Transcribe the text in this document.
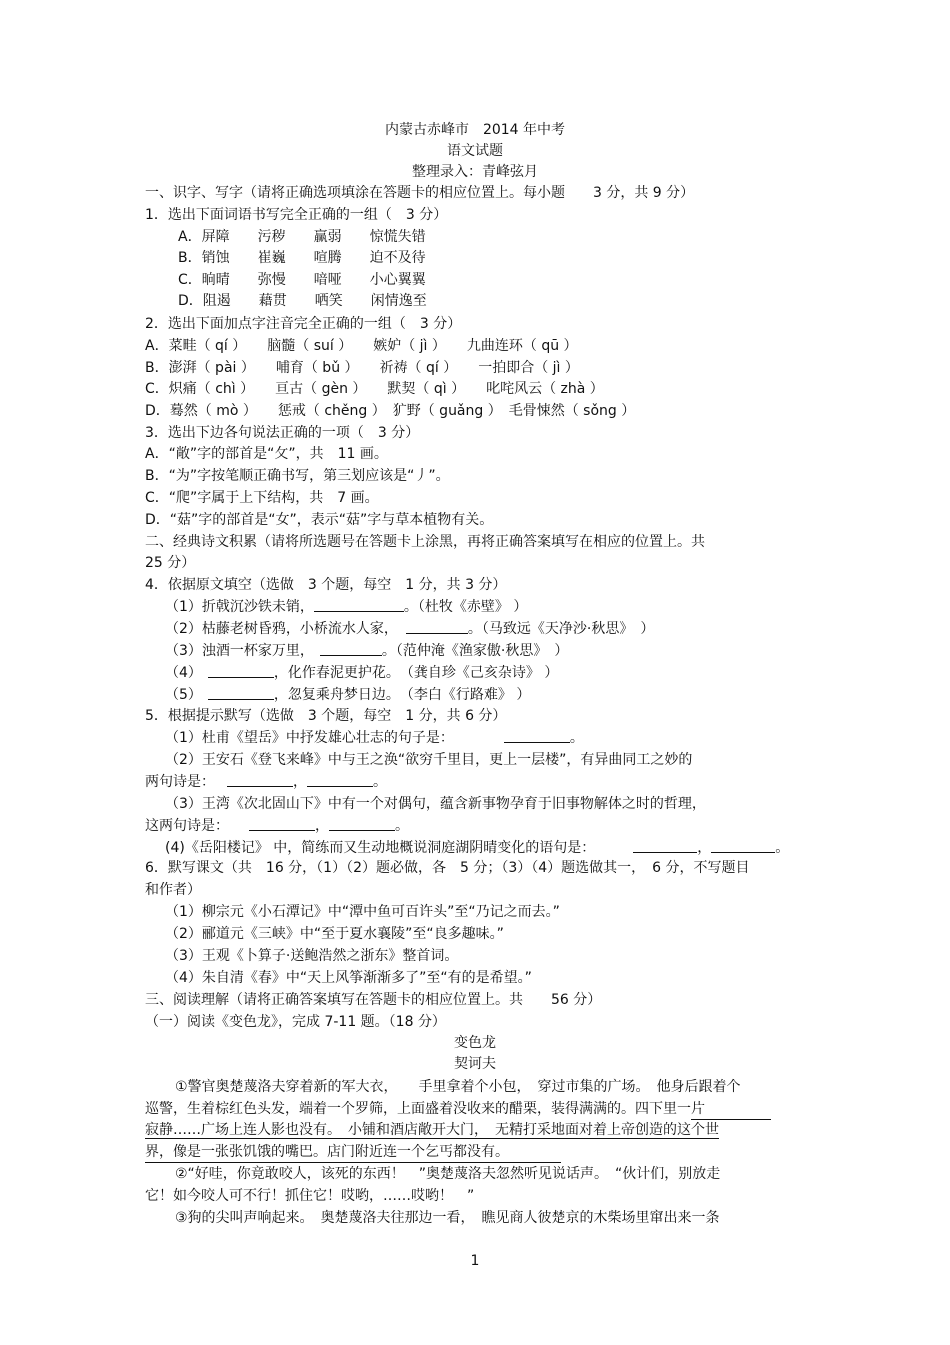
内蒙古赤峰市　2014 年中考
语文试题
整理录入：青峰弦月
一、识字、写字（请将正确选项填涂在答题卡的相应位置上。每小题　　3 分，共 9 分）
1．选出下面词语书写完全正确的一组（　3 分）
A．屏障　　污秽　　赢弱　　惊慌失错
B．销蚀　　崔巍　　喧腾　　迫不及待
C．晌晴　　弥慢　　喑哑　　小心翼翼
D．阻遏　　藉贯　　哂笑　　闲情逸至
2．选出下面加点字注音完全正确的一组（　3 分）
A．菜畦（ qí ）　　脑髓（ suí ）　　嫉妒（ jì ）　　九曲连环（ qū ）
B．澎湃（ pài ）　　哺育（ bǔ ）　　祈祷（ qí ）　　一拍即合（ jì ）
C．炽痛（ chì ）　　亘古（ gèn ）　　默契（ qì ）　　叱咤风云（ zhà ）
D．蓦然（ mò ）　　惩戒（ chěng ）　犷野（ guǎng ）　毛骨悚然（ sǒng ）
3．选出下边各句说法正确的一项（　3 分）
A．“敞”字的部首是“攵”，共　11 画。
B．“为”字按笔顺正确书写，第三划应该是“丿”。
C．“爬”字属于上下结构，共　7 画。
D．“菇”字的部首是“女”，表示“菇”字与草本植物有关。
二、经典诗文积累（请将所选题号在答题卡上涂黑，再将正确答案填写在相应的位置上。共
25 分）
4．依据原文填空（选做　3 个题，每空　1 分，共 3 分）
（1）折戟沉沙铁未销，	。（杜牧《赤壁》 ）
（2）枯藤老树昏鸦，小桥流水人家，	。（马致远《天净沙·秋思》　）
（3）浊酒一杯家万里，	。（范仲淹《渔家傲·秋思》　）
（4）	，化作春泥更护花。　（龚自珍《己亥杂诗》 ）
（5）	，忽复乘舟梦日边。　（李白《行路难》 ）
5．根据提示默写（选做　3 个题，每空　1 分，共 6 分）
（1）杜甫《望岳》中抒发雄心壮志的句子是：	。
（2）王安石《登飞来峰》中与王之涣“欲穷千里目，更上一层楼”，有异曲同工之妙的
两句诗是：	，	。
（3）王湾《次北固山下》中有一个对偶句，蕴含新事物孕育于旧事物解体之时的哲理，
这两句诗是：	，	。
(4)《岳阳楼记》 中，简练而又生动地概说洞庭湖阴晴变化的语句是：	，	。
6．默写课文（共　16 分，（1）（2）题必做，各　5 分；（3）（4）题选做其一，　6 分，不写题目
和作者）
（1）柳宗元《小石潭记》中“潭中鱼可百许头”至“乃记之而去。”
（2）郦道元《三峡》中“至于夏水襄陵”至“良多趣味。”
（3）王观《卜算子·送鲍浩然之浙东》整首词。
（4）朱自清《春》中“天上风筝渐渐多了”至“有的是希望。”
三、阅读理解（请将正确答案填写在答题卡的相应位置上。共　　56 分）
（一）阅读《变色龙》，完成 7-11 题。（18 分）
变色龙
契诃夫
①警官奥楚蔑洛夫穿着新的军大衣，　　手里拿着个小包，　穿过市集的广场。　他身后跟着个
巡警，生着棕红色头发，端着一个罗筛，上面盛着没收来的醋栗，装得满满的。四下里一片
寂静……广场上连人影也没有。　小铺和酒店敞开大门，　无精打采地面对着上帝创造的这个世
界，像是一张张饥饿的嘴巴。店门附近连一个乞丐都没有。
②“好哇，你竟敢咬人，该死的东西！　”奥楚蔑洛夫忽然听见说话声。　“伙计们，别放走
它！如今咬人可不行！抓住它！哎哟，……哎哟！　”
③狗的尖叫声响起来。　奥楚蔑洛夫往那边一看，　瞧见商人彼楚京的木柴场里窜出来一条
1
